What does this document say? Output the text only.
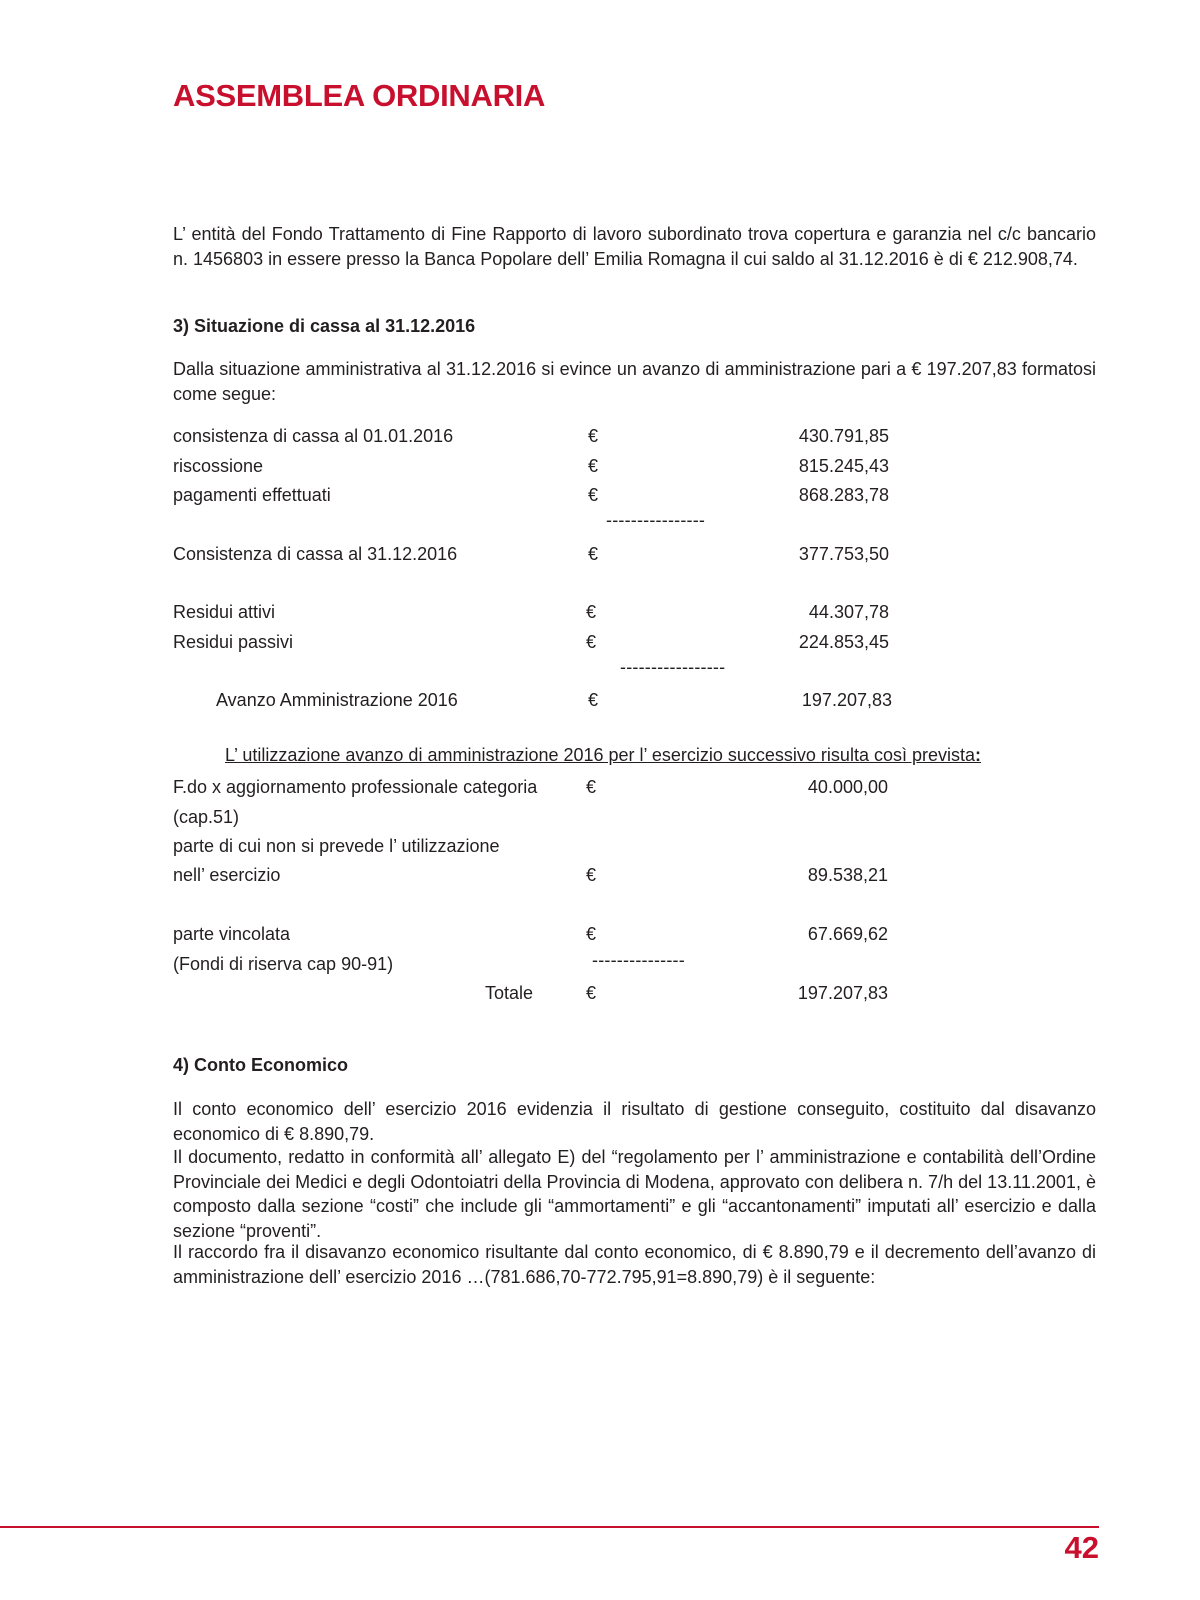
ASSEMBLEA ORDINARIA

L’ entità del Fondo Trattamento di Fine Rapporto di lavoro subordinato trova copertura e garanzia nel c/c bancario n. 1456803 in essere presso la Banca Popolare dell’ Emilia Romagna il cui saldo al 31.12.2016 è di € 212.908,74.

3) Situazione di cassa al 31.12.2016

Dalla situazione amministrativa al 31.12.2016 si evince un avanzo di amministrazione pari a € 197.207,83 formatosi come segue:

consistenza di cassa al 01.01.2016	€	430.791,85
riscossione	€	815.245,43
pagamenti effettuati	€	868.283,78
----------------
Consistenza di cassa al 31.12.2016	€	377.753,50
Residui attivi	€	44.307,78
Residui passivi	€	224.853,45
-----------------
Avanzo Amministrazione 2016	€	197.207,83
L’ utilizzazione avanzo di amministrazione 2016 per l’ esercizio successivo risulta così prevista:
F.do x aggiornamento professionale categoria	€	40.000,00
(cap.51)
parte di cui non si prevede l’ utilizzazione
nell’ esercizio	€	89.538,21
parte vincolata	€	67.669,62
(Fondi di riserva cap 90-91)	---------------
Totale	€	197.207,83

4) Conto Economico

Il conto economico dell’ esercizio 2016 evidenzia il risultato di gestione conseguito, costituito dal disavanzo economico di € 8.890,79.

Il documento, redatto in conformità all’ allegato E) del “regolamento per l’ amministrazione e contabilità dell’Ordine Provinciale dei Medici e degli Odontoiatri della Provincia di Modena, approvato con delibera n. 7/h del 13.11.2001, è composto dalla sezione “costi” che include gli “ammortamenti” e gli “accantonamenti” imputati all’ esercizio e dalla sezione “proventi”.

Il raccordo fra il disavanzo economico risultante dal conto economico, di € 8.890,79 e il decremento dell’avanzo di amministrazione dell’ esercizio 2016 …(781.686,70-772.795,91=8.890,79) è il seguente:

42
